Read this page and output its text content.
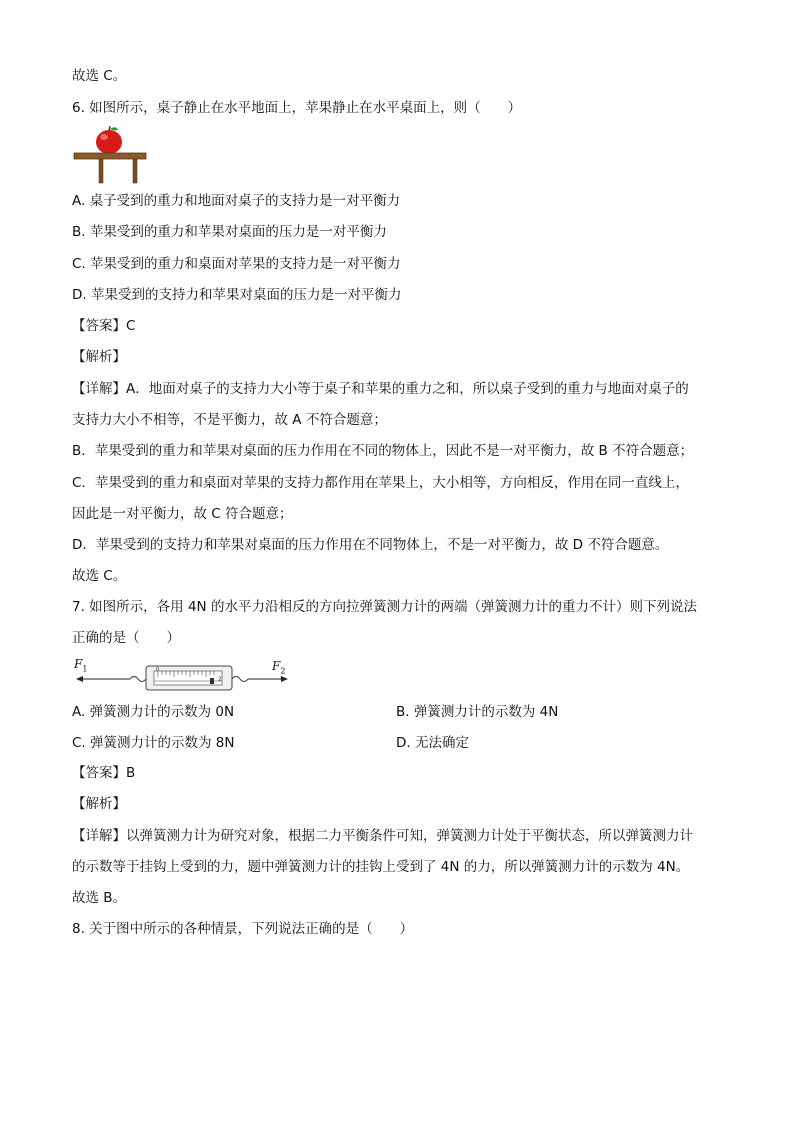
故选 C。
6. 如图所示，桌子静止在水平地面上，苹果静止在水平桌面上，则（　　）
A. 桌子受到的重力和地面对桌子的支持力是一对平衡力
B. 苹果受到的重力和苹果对桌面的压力是一对平衡力
C. 苹果受到的重力和桌面对苹果的支持力是一对平衡力
D. 苹果受到的支持力和苹果对桌面的压力是一对平衡力
【答案】C
【解析】
【详解】A．地面对桌子的支持力大小等于桌子和苹果的重力之和，所以桌子受到的重力与地面对桌子的
支持力大小不相等，不是平衡力，故 A 不符合题意；
B．苹果受到的重力和苹果对桌面的压力作用在不同的物体上，因此不是一对平衡力，故 B 不符合题意；
C．苹果受到的重力和桌面对苹果的支持力都作用在苹果上，大小相等，方向相反，作用在同一直线上，
因此是一对平衡力，故 C 符合题意；
D．苹果受到的支持力和苹果对桌面的压力作用在不同物体上，不是一对平衡力，故 D 不符合题意。
故选 C。
7. 如图所示，各用 4N 的水平力沿相反的方向拉弹簧测力计的两端（弹簧测力计的重力不计）则下列说法
正确的是（　　）
0
2
$F_1$	$F_2$
A. 弹簧测力计的示数为 0N	B. 弹簧测力计的示数为 4N
C. 弹簧测力计的示数为 8N	D. 无法确定
【答案】B
【解析】
【详解】以弹簧测力计为研究对象，根据二力平衡条件可知，弹簧测力计处于平衡状态，所以弹簧测力计
的示数等于挂钩上受到的力，题中弹簧测力计的挂钩上受到了 4N 的力，所以弹簧测力计的示数为 4N。
故选 B。
8. 关于图中所示的各种情景，下列说法正确的是（　　）
